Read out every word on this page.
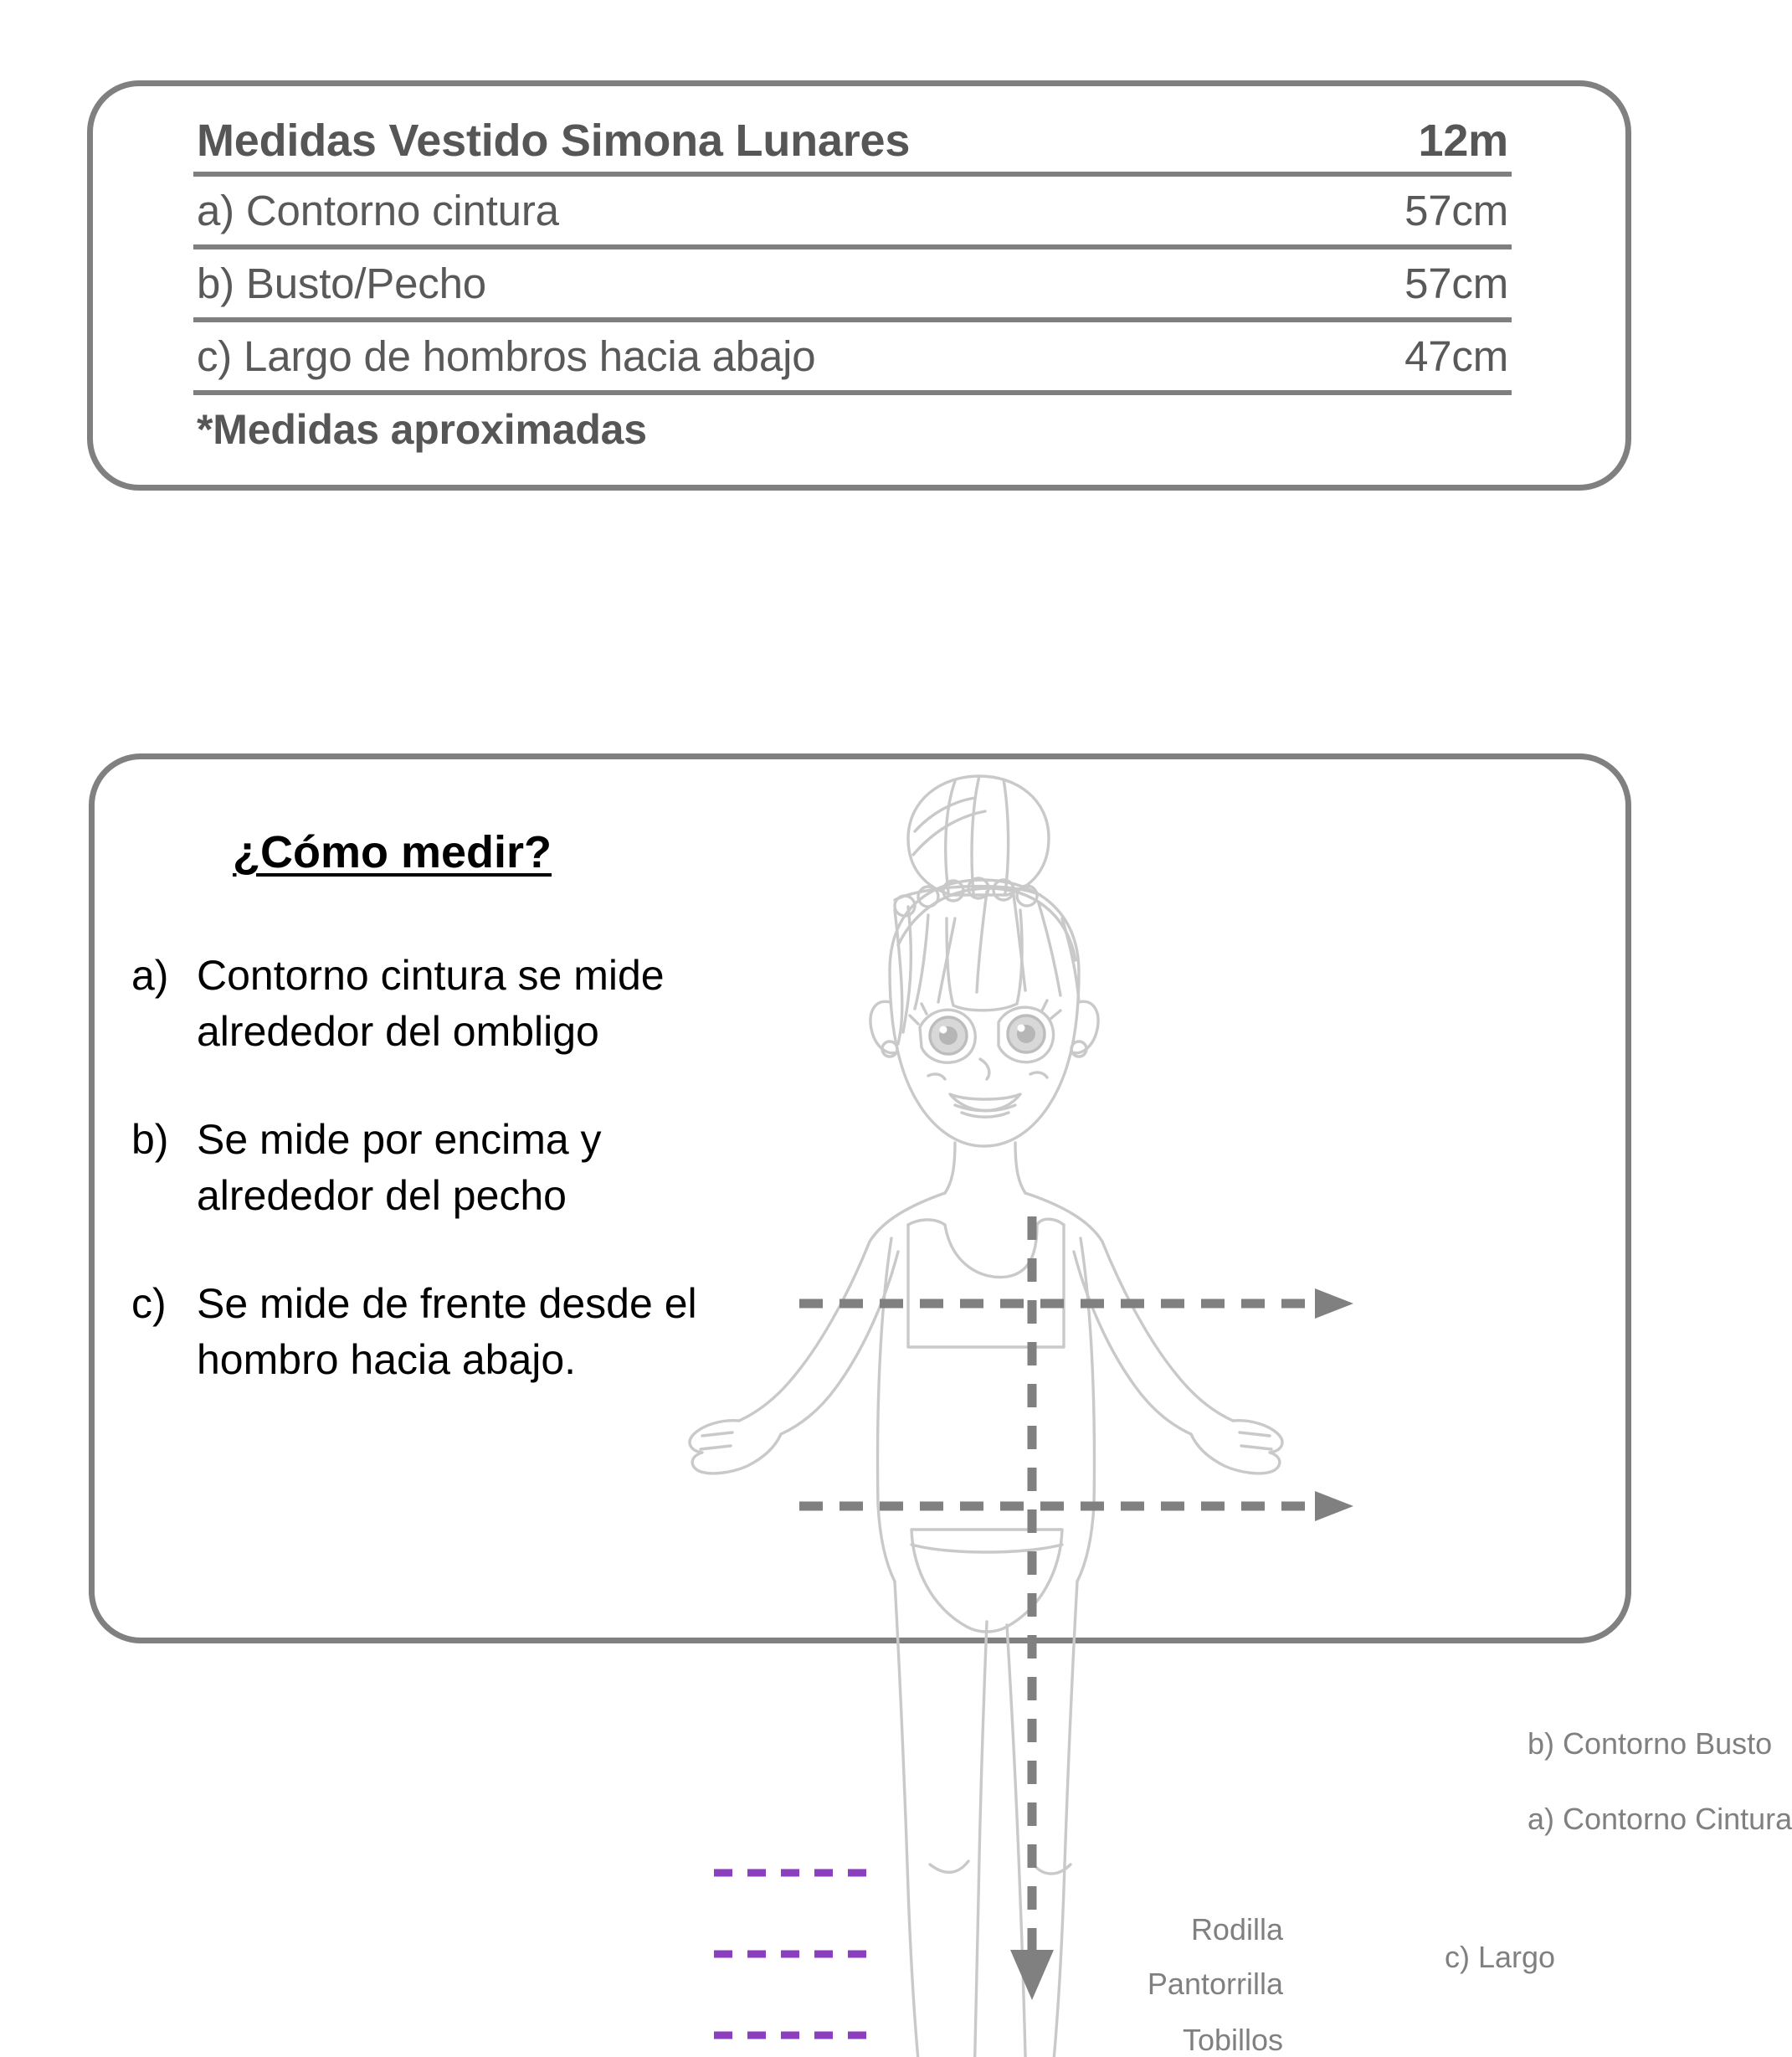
Medidas Vestido Simona Lunares	12m
a) Contorno cintura	57cm
b) Busto/Pecho	57cm
c) Largo de hombros hacia abajo	47cm
*Medidas aproximadas
¿Cómo medir?
a) Contorno cintura se mide alrededor del ombligo
b) Se mide por encima y alrededor del pecho
c) Se mide de frente desde el hombro hacia abajo.
b) Contorno Busto
a) Contorno Cintura
c) Largo
Rodilla
Pantorrilla
Tobillos
